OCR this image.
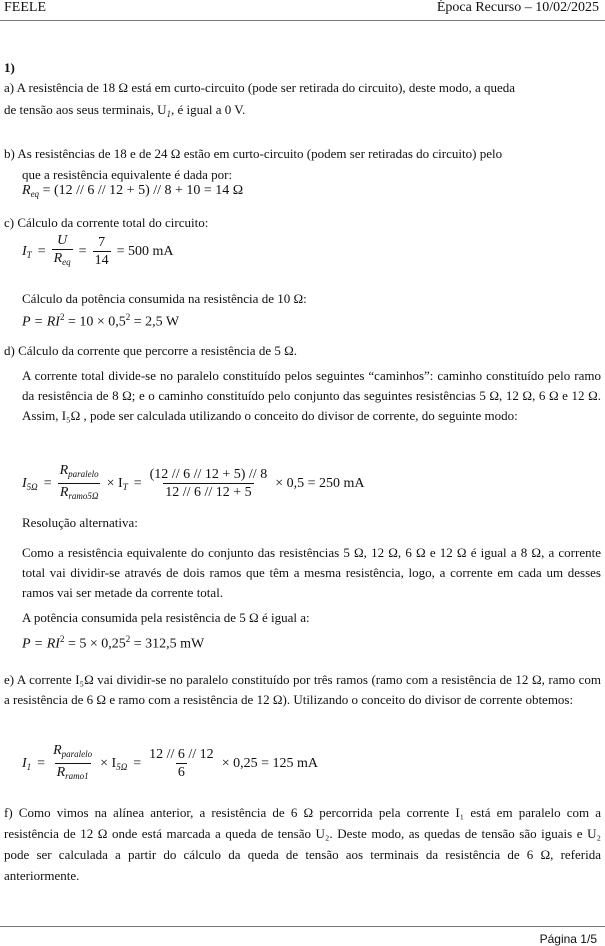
FEELE	Época Recurso – 10/02/2025
1)
a) A resistência de 18 Ω está em curto-circuito (pode ser retirada do circuito), deste modo, a queda
de tensão aos seus terminais, $U_1$, é igual a 0 V.
b) As resistências de 18 e de 24 Ω estão em curto-circuito (podem ser retiradas do circuito) pelo
que a resistência equivalente é dada por:
$R_{eq} = (12 // 6 // 12 + 5) // 8 + 10 = 14$ Ω
c) Cálculo da corrente total do circuito:
$I_T = \frac{U}{R_{eq}} = \frac{7}{14} = 500$ mA
Cálculo da potência consumida na resistência de 10 Ω:
$P = RI^2 = 10 \times 0,5^2 = 2,5$ W
d) Cálculo da corrente que percorre a resistência de 5 Ω.
A corrente total divide-se no paralelo constituído pelos seguintes “caminhos”: caminho constituído pelo ramo da resistência de 8 Ω; e o caminho constituído pelo conjunto das seguintes resistências 5 Ω, 12 Ω, 6 Ω e 12 Ω. Assim, I₅Ω , pode ser calculada utilizando o conceito do divisor de corrente, do seguinte modo:
$I_{5\Omega} = \frac{R_{paralelo}}{R_{ramo5\Omega}} \times I_T = \frac{(12 // 6 // 12 + 5) // 8}{12 // 6 // 12 + 5} \times 0,5 = 250$ mA
Resolução alternativa:
Como a resistência equivalente do conjunto das resistências 5 Ω, 12 Ω, 6 Ω e 12 Ω é igual a 8 Ω, a corrente total vai dividir-se através de dois ramos que têm a mesma resistência, logo, a corrente em cada um desses ramos vai ser metade da corrente total.
A potência consumida pela resistência de 5 Ω é igual a:
$P = RI^2 = 5 \times 0,25^2 = 312,5$ mW
e) A corrente I₅Ω vai dividir-se no paralelo constituído por três ramos (ramo com a resistência de 12 Ω, ramo com a resistência de 6 Ω e ramo com a resistência de 12 Ω). Utilizando o conceito do divisor de corrente obtemos:
$I_1 = \frac{R_{paralelo}}{R_{ramo1}} \times I_{5\Omega} = \frac{12 // 6 // 12}{6} \times 0,25 = 125$ mA
f) Como vimos na alínea anterior, a resistência de 6 Ω percorrida pela corrente I₁ está em paralelo com a resistência de 12 Ω onde está marcada a queda de tensão U₂. Deste modo, as quedas de tensão são iguais e U₂ pode ser calculada a partir do cálculo da queda de tensão aos terminais da resistência de 6 Ω, referida anteriormente.
Página 1/5
